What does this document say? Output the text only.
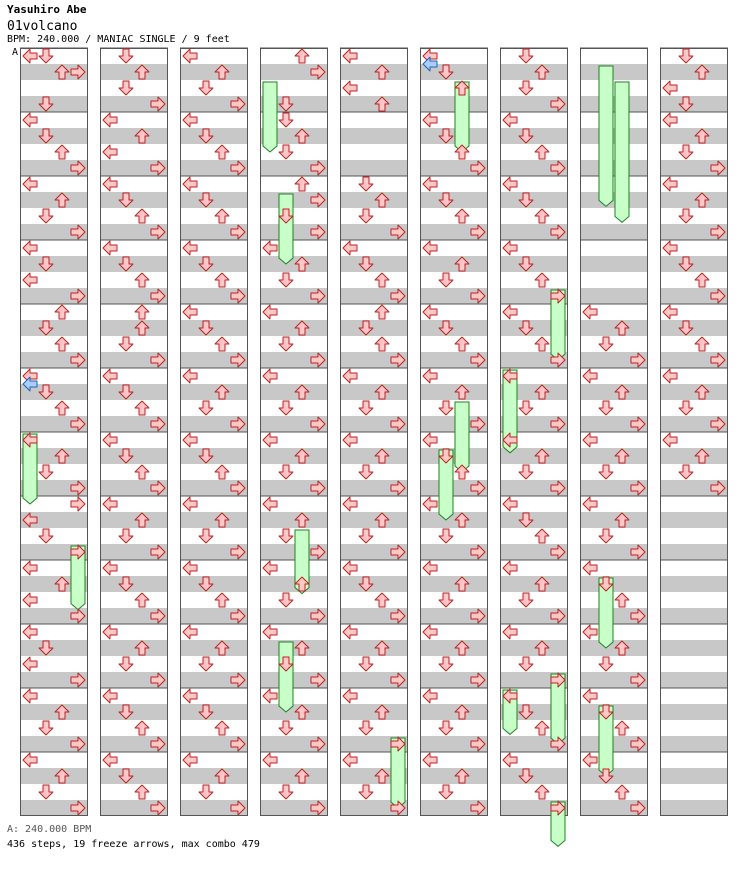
Yasuhiro Abe
01volcano
BPM: 240.000 / MANIAC SINGLE / 9 feet
A
A: 240.000 BPM
436 steps, 19 freeze arrows, max combo 479
